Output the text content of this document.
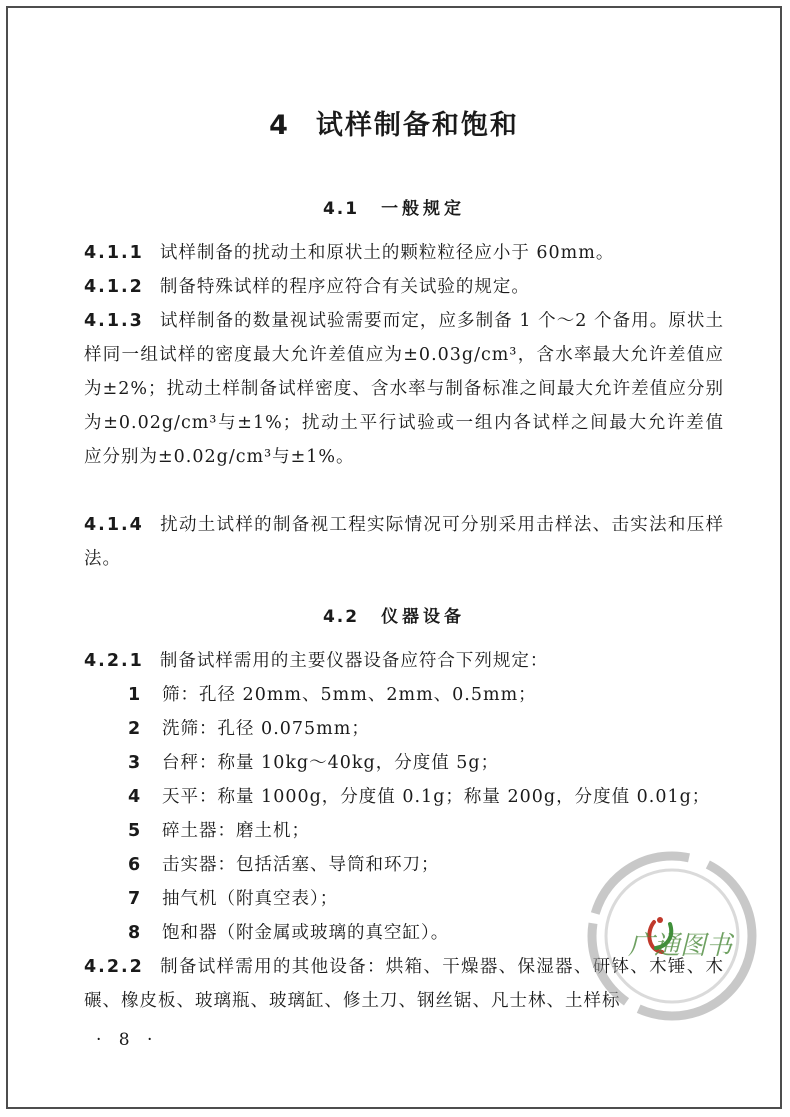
4 试样制备和饱和
4.1 一般规定
4.1.1 试样制备的扰动土和原状土的颗粒粒径应小于 60mm。
4.1.2 制备特殊试样的程序应符合有关试验的规定。
4.1.3 试样制备的数量视试验需要而定，应多制备 1 个～2 个备用。原状土样同一组试样的密度最大允许差值应为±0.03g/cm³，含水率最大允许差值应为±2%；扰动土样制备试样密度、含水率与制备标准之间最大允许差值应分别为±0.02g/cm³与±1%；扰动土平行试验或一组内各试样之间最大允许差值应分别为±0.02g/cm³与±1%。
4.1.4 扰动土试样的制备视工程实际情况可分别采用击样法、击实法和压样法。
4.2 仪器设备
4.2.1 制备试样需用的主要仪器设备应符合下列规定：
1 筛：孔径 20mm、5mm、2mm、0.5mm；
2 洗筛：孔径 0.075mm；
3 台秤：称量 10kg～40kg，分度值 5g；
4 天平：称量 1000g，分度值 0.1g；称量 200g，分度值 0.01g；
5 碎土器：磨土机；
6 击实器：包括活塞、导筒和环刀；
7 抽气机（附真空表）；
8 饱和器（附金属或玻璃的真空缸）。
4.2.2 制备试样需用的其他设备：烘箱、干燥器、保湿器、研钵、木锤、木碾、橡皮板、玻璃瓶、玻璃缸、修土刀、钢丝锯、凡士林、土样标
· 8 ·
广通图书
